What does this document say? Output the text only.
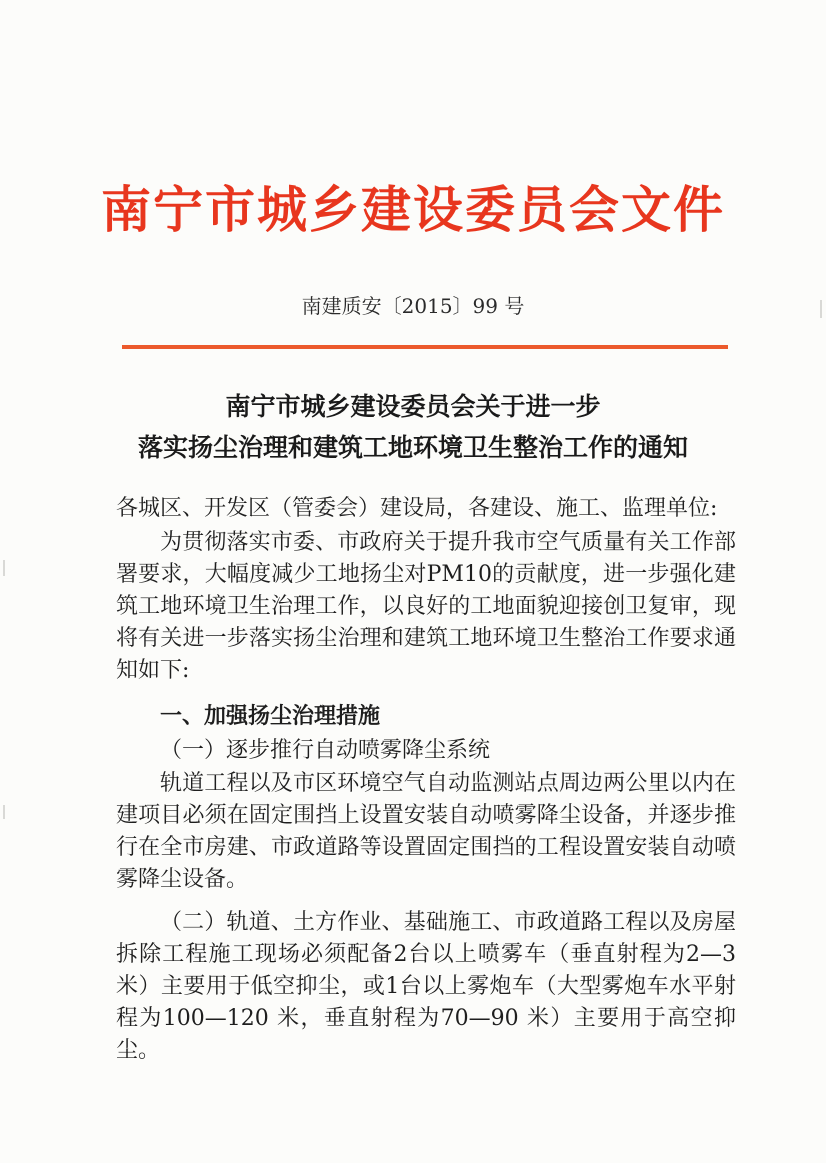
南宁市城乡建设委员会文件
南建质安〔2015〕99 号
南宁市城乡建设委员会关于进一步
落实扬尘治理和建筑工地环境卫生整治工作的通知
各城区、开发区（管委会）建设局，各建设、施工、监理单位:
为贯彻落实市委、市政府关于提升我市空气质量有关工作部署要求，大幅度减少工地扬尘对PM10的贡献度，进一步强化建筑工地环境卫生治理工作，以良好的工地面貌迎接创卫复审，现将有关进一步落实扬尘治理和建筑工地环境卫生整治工作要求通知如下:
一、加强扬尘治理措施
（一）逐步推行自动喷雾降尘系统
轨道工程以及市区环境空气自动监测站点周边两公里以内在建项目必须在固定围挡上设置安装自动喷雾降尘设备，并逐步推行在全市房建、市政道路等设置固定围挡的工程设置安装自动喷雾降尘设备。
（二）轨道、土方作业、基础施工、市政道路工程以及房屋拆除工程施工现场必须配备2台以上喷雾车（垂直射程为2—3米）主要用于低空抑尘，或1台以上雾炮车（大型雾炮车水平射程为100—120 米，垂直射程为70—90 米）主要用于高空抑尘。
